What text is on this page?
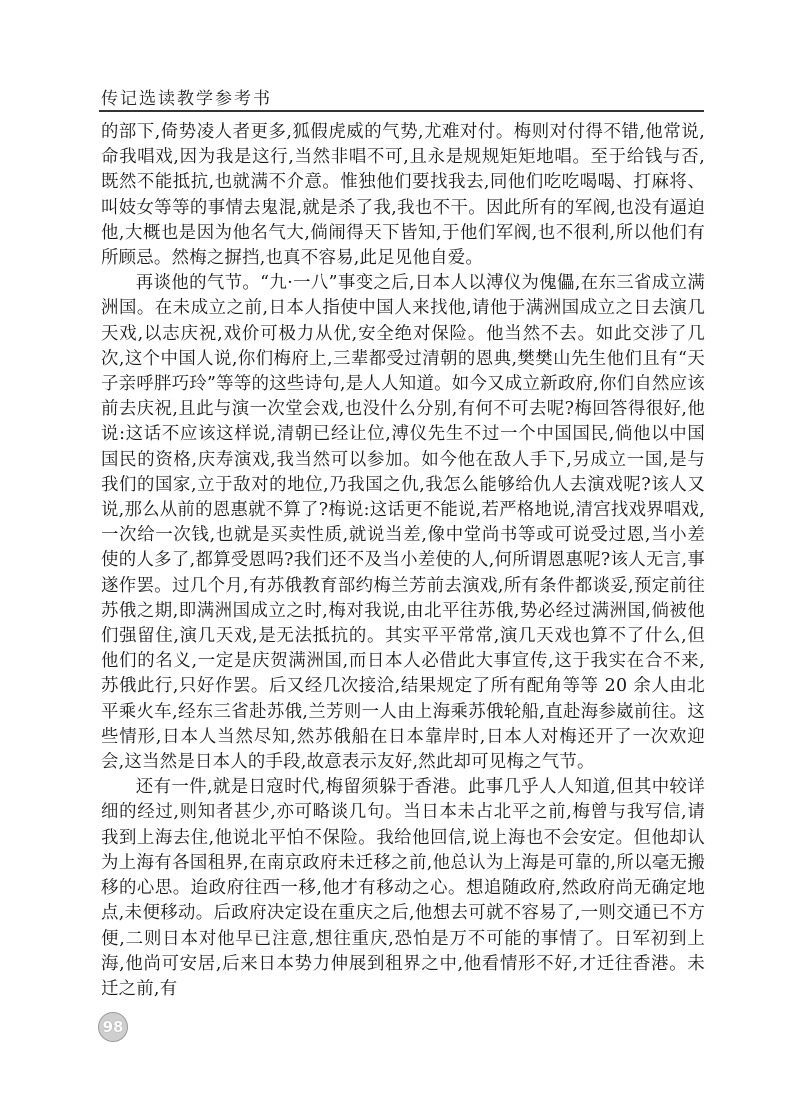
传记选读教学参考书

的部下,倚势凌人者更多,狐假虎威的气势,尤难对付。梅则对付得不错,他常说,命我唱戏,因为我是这行,当然非唱不可,且永是规规矩矩地唱。至于给钱与否,既然不能抵抗,也就满不介意。惟独他们要找我去,同他们吃吃喝喝、打麻将、叫妓女等等的事情去鬼混,就是杀了我,我也不干。因此所有的军阀,也没有逼迫他,大概也是因为他名气大,倘闹得天下皆知,于他们军阀,也不很利,所以他们有所顾忌。然梅之摒挡,也真不容易,此足见他自爱。

再谈他的气节。“九·一八”事变之后,日本人以溥仪为傀儡,在东三省成立满洲国。在未成立之前,日本人指使中国人来找他,请他于满洲国成立之日去演几天戏,以志庆祝,戏价可极力从优,安全绝对保险。他当然不去。如此交涉了几次,这个中国人说,你们梅府上,三辈都受过清朝的恩典,樊樊山先生他们且有“天子亲呼胖巧玲”等等的这些诗句,是人人知道。如今又成立新政府,你们自然应该前去庆祝,且此与演一次堂会戏,也没什么分别,有何不可去呢?梅回答得很好,他说:这话不应该这样说,清朝已经让位,溥仪先生不过一个中国国民,倘他以中国国民的资格,庆寿演戏,我当然可以参加。如今他在敌人手下,另成立一国,是与我们的国家,立于敌对的地位,乃我国之仇,我怎么能够给仇人去演戏呢?该人又说,那么从前的恩惠就不算了?梅说:这话更不能说,若严格地说,清宫找戏界唱戏,一次给一次钱,也就是买卖性质,就说当差,像中堂尚书等或可说受过恩,当小差使的人多了,都算受恩吗?我们还不及当小差使的人,何所谓恩惠呢?该人无言,事遂作罢。过几个月,有苏俄教育部约梅兰芳前去演戏,所有条件都谈妥,预定前往苏俄之期,即满洲国成立之时,梅对我说,由北平往苏俄,势必经过满洲国,倘被他们强留住,演几天戏,是无法抵抗的。其实平平常常,演几天戏也算不了什么,但他们的名义,一定是庆贺满洲国,而日本人必借此大事宣传,这于我实在合不来,苏俄此行,只好作罢。后又经几次接洽,结果规定了所有配角等等 20 余人由北平乘火车,经东三省赴苏俄,兰芳则一人由上海乘苏俄轮船,直赴海参崴前往。这些情形,日本人当然尽知,然苏俄船在日本靠岸时,日本人对梅还开了一次欢迎会,这当然是日本人的手段,故意表示友好,然此却可见梅之气节。

还有一件,就是日寇时代,梅留须躲于香港。此事几乎人人知道,但其中较详细的经过,则知者甚少,亦可略谈几句。当日本未占北平之前,梅曾与我写信,请我到上海去住,他说北平怕不保险。我给他回信,说上海也不会安定。但他却认为上海有各国租界,在南京政府未迁移之前,他总认为上海是可靠的,所以毫无搬移的心思。迨政府往西一移,他才有移动之心。想追随政府,然政府尚无确定地点,未便移动。后政府决定设在重庆之后,他想去可就不容易了,一则交通已不方便,二则日本对他早已注意,想往重庆,恐怕是万不可能的事情了。日军初到上海,他尚可安居,后来日本势力伸展到租界之中,他看情形不好,才迁往香港。未迁之前,有

98
